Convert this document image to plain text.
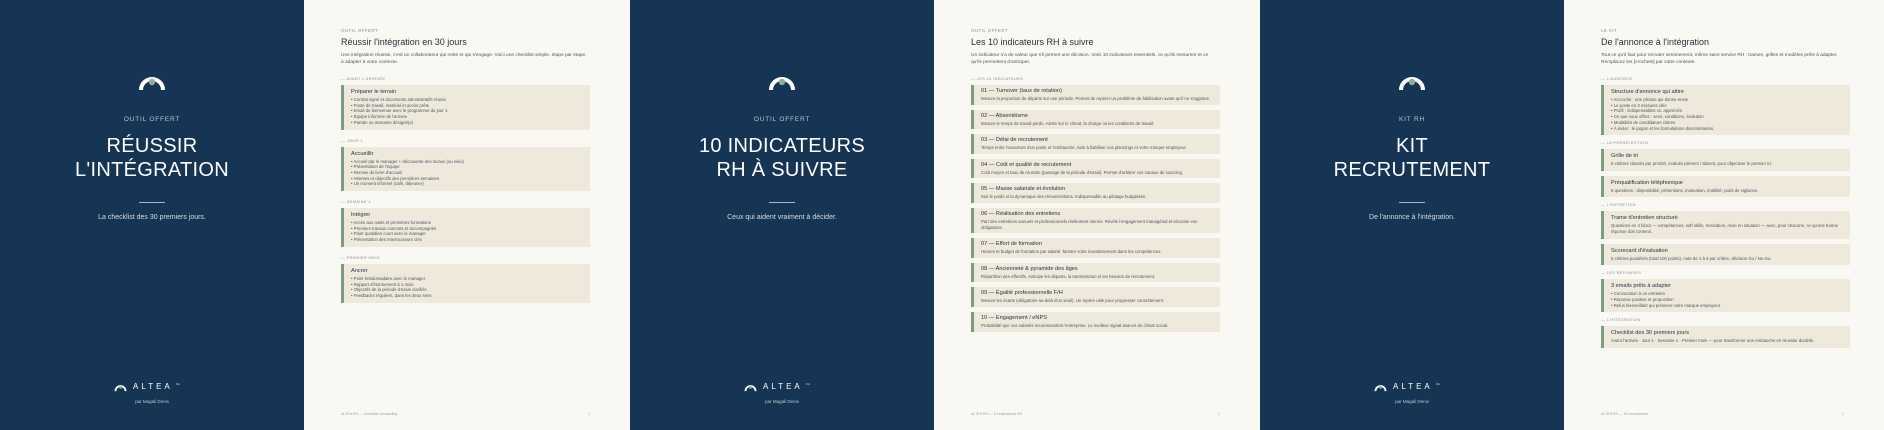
OUTIL OFFERT
RÉUSSIR
L'INTÉGRATION
La checklist des 30 premiers jours.
ALTEA RH
par Magali Denis
OUTIL OFFERT
Réussir l'intégration en 30 jours
Une intégration réussie, c'est un collaborateur qui reste et qui s'engage. Voici une checklist simple, étape par étape, à adapter à votre contexte.
— AVANT L'ARRIVÉE
Préparer le terrain
• Contrat signé et documents administratifs réunis
• Poste de travail, matériel et accès prêts
• Email de bienvenue avec le programme du jour 1
• Équipe informée de l'arrivée
• Parrain ou marraine désigné(e)
— JOUR 1
Accueillir
• Accueil par le manager + découverte des locaux (ou visio)
• Présentation de l'équipe
• Remise du livret d'accueil
• Attentes et objectifs des premières semaines
• Un moment informel (café, déjeuner)
— SEMAINE 1
Intégrer
• Accès aux outils et premières formations
• Premiers travaux concrets et accompagnés
• Point quotidien court avec le manager
• Présentation des interlocuteurs clés
— PREMIER MOIS
Ancrer
• Point hebdomadaire avec le manager
• Rapport d'étonnement à 1 mois
• Objectifs de la période d'essai clarifiés
• Feedbacks réguliers, dans les deux sens
ALTEA RH — Checklist onboarding	1
OUTIL OFFERT
10 INDICATEURS
RH À SUIVRE
Ceux qui aident vraiment à décider.
ALTEA RH
par Magali Denis
OUTIL OFFERT
Les 10 indicateurs RH à suivre
Un indicateur n'a de valeur que s'il permet une décision. Voici 10 indicateurs essentiels, ce qu'ils mesurent et ce qu'ils permettent d'anticiper.
— LES 10 INDICATEURS
01 — Turnover (taux de rotation)
Mesure la proportion de départs sur une période. Permet de repérer un problème de fidélisation avant qu'il ne s'aggrave.
02 — Absentéisme
Mesure le temps de travail perdu. Alerte sur le climat, la charge ou les conditions de travail.
03 — Délai de recrutement
Temps entre l'ouverture d'un poste et l'embauche. Aide à fiabiliser vos plannings et votre marque employeur.
04 — Coût et qualité de recrutement
Coût moyen et taux de réussite (passage de la période d'essai). Permet d'arbitrer vos canaux de sourcing.
05 — Masse salariale et évolution
Suit le poids et la dynamique des rémunérations. Indispensable au pilotage budgétaire.
06 — Réalisation des entretiens
Part des entretiens annuels et professionnels réellement menés. Révèle l'engagement managérial et sécurise vos obligations.
07 — Effort de formation
Heures et budget de formation par salarié. Montre votre investissement dans les compétences.
08 — Ancienneté & pyramide des âges
Répartition des effectifs. Anticipe les départs, la transmission et les besoins de recrutement.
09 — Égalité professionnelle F/H
Mesure les écarts (obligatoire au-delà d'un seuil). Un repère utile pour progresser concrètement.
10 — Engagement / eNPS
Probabilité que vos salariés recommandent l'entreprise. Le meilleur signal avancé du climat social.
ALTEA RH — 10 indicateurs RH	1
KIT RH
KIT
RECRUTEMENT
De l'annonce à l'intégration.
ALTEA RH
par Magali Denis
LE KIT
De l'annonce à l'intégration
Tout ce qu'il faut pour recruter sereinement, même sans service RH : trames, grilles et modèles prêts à adapter. Remplacez les [crochets] par votre contexte.
— L'ANNONCE
Structure d'annonce qui attire
• Accroche : une phrase qui donne envie
• Le poste en 3 missions clés
• Profil : indispensables vs. appréciés
• Ce que vous offrez : sens, conditions, évolution
• Modalités de candidature claires
• À éviter : le jargon et les formulations discriminantes.
— LA PRÉSÉLECTION
Grille de tri
6 critères classés par priorité, évalués présent / absent, pour objectiver le premier tri.
Préqualification téléphonique
5 questions : disponibilité, prétentions, motivation, mobilité, point de vigilance.
— L'ENTRETIEN
Trame d'entretien structuré
Questions en 4 blocs — compétences, soft skills, motivation, mise en situation — avec, pour chacune, ce qu'une bonne réponse doit contenir.
Scorecard d'évaluation
5 critères pondérés (total 100 points), note de 1 à 5 par critère, décision Go / No-Go.
— LES RÉPONSES
3 emails prêts à adapter
• Convocation à un entretien
• Réponse positive et proposition
• Refus bienveillant qui préserve votre marque employeur
— L'INTÉGRATION
Checklist des 30 premiers jours
Avant l'arrivée · Jour 1 · Semaine 1 · Premier mois — pour transformer une embauche en réussite durable.
ALTEA RH — Kit recrutement	1
